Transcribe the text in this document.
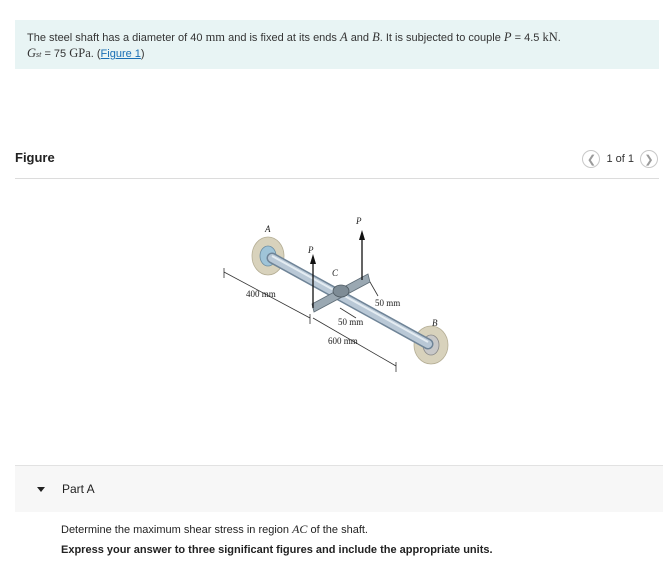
The steel shaft has a diameter of 40 mm and is fixed at its ends A and B. It is subjected to couple P = 4.5 kN.
Gst = 75 GPa. (Figure 1)
Figure	❮ 1 of 1 ❯
A
P
P
C
B
400 mm
50 mm
50 mm
600 mm
Part A
Determine the maximum shear stress in region AC of the shaft.
Express your answer to three significant figures and include the appropriate units.
